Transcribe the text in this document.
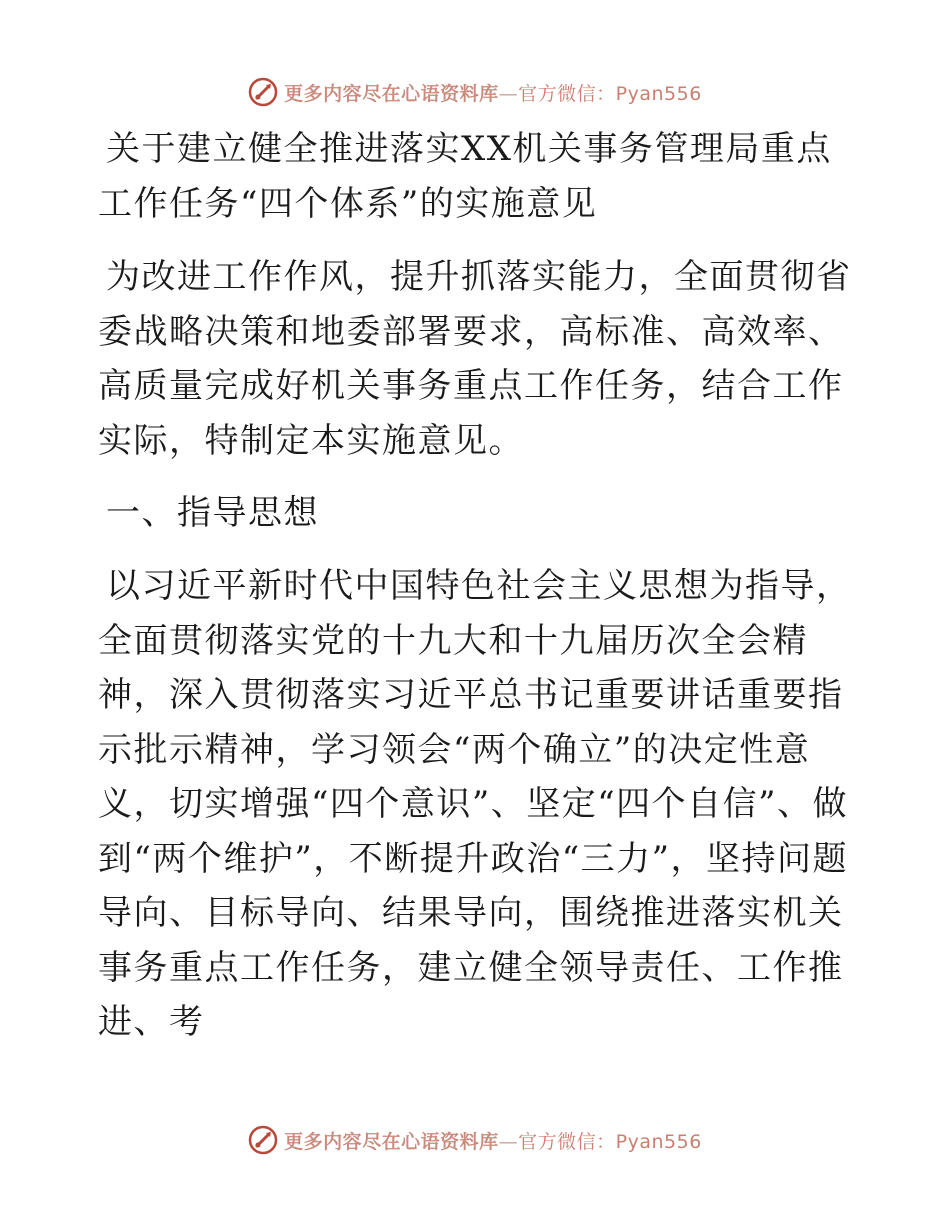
更多内容尽在心语资料库—官方微信：Pyan556
关于建立健全推进落实XX机关事务管理局重点工作任务“四个体系”的实施意见

为改进工作作风，提升抓落实能力，全面贯彻省委战略决策和地委部署要求，高标准、高效率、高质量完成好机关事务重点工作任务，结合工作实际，特制定本实施意见。

一、指导思想

以习近平新时代中国特色社会主义思想为指导，全面贯彻落实党的十九大和十九届历次全会精神，深入贯彻落实习近平总书记重要讲话重要指示批示精神，学习领会“两个确立”的决定性意义，切实增强“四个意识”、坚定“四个自信”、做到“两个维护”，不断提升政治“三力”，坚持问题导向、目标导向、结果导向，围绕推进落实机关事务重点工作任务，建立健全领导责任、工作推进、考

更多内容尽在心语资料库—官方微信：Pyan556
